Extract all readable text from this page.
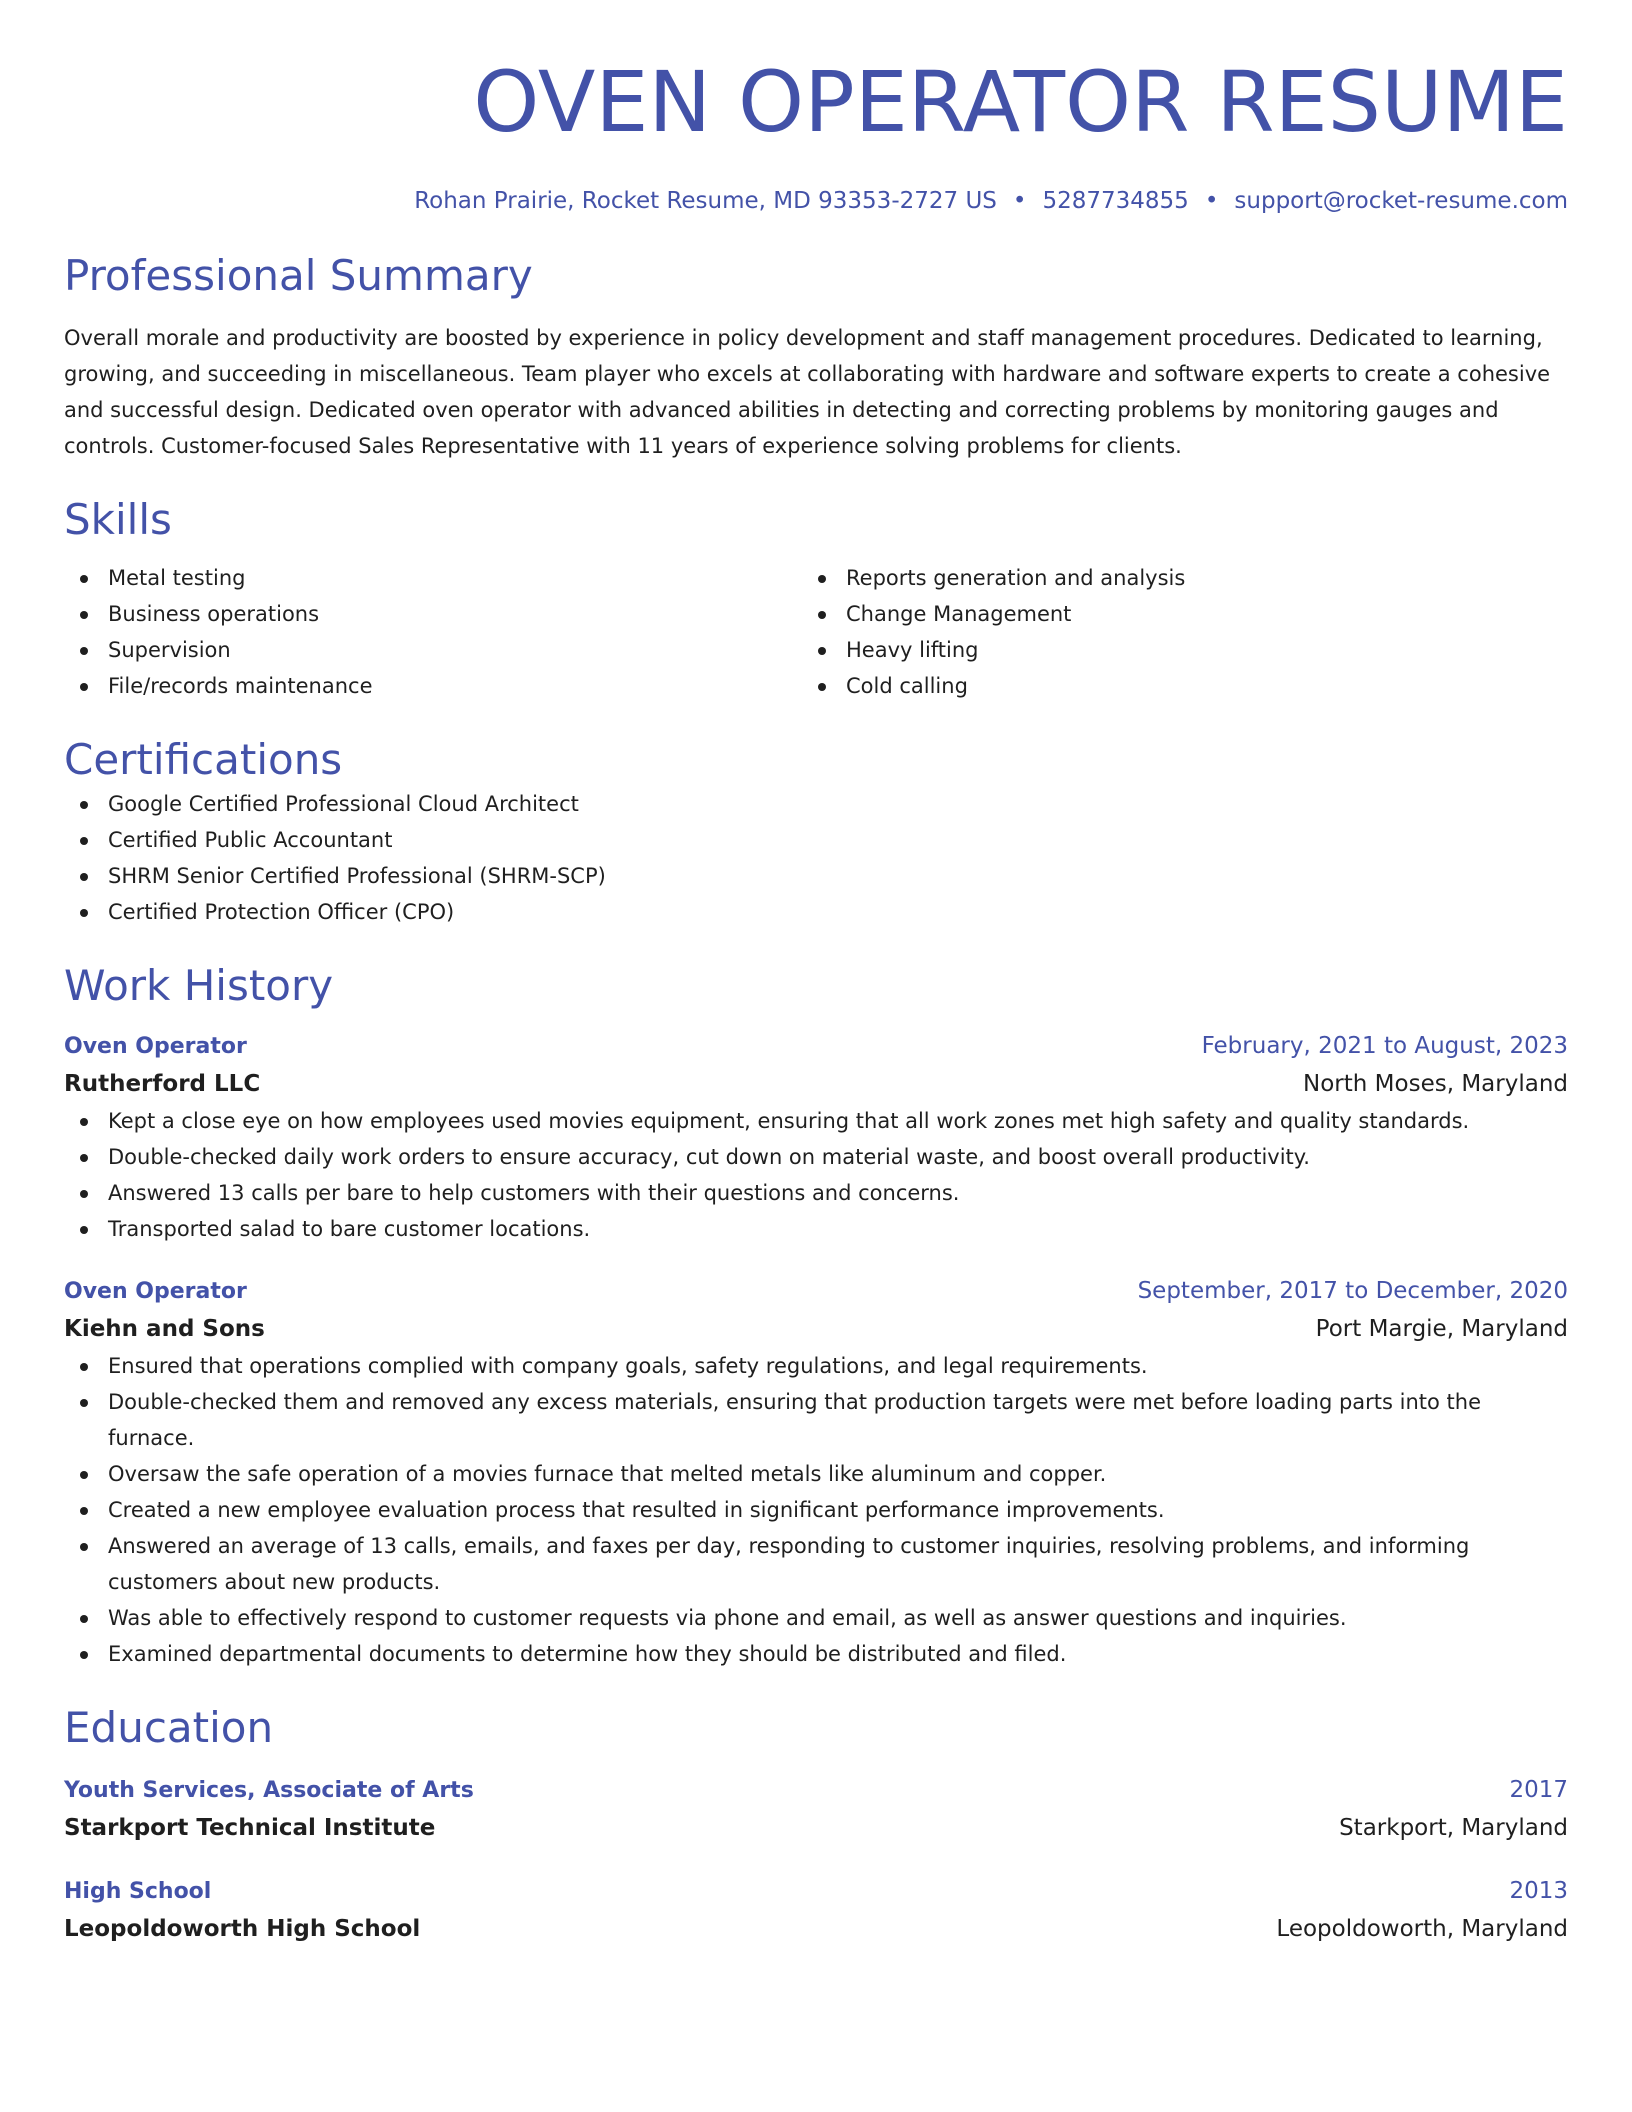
OVEN OPERATOR RESUME
Rohan Prairie, Rocket Resume, MD 93353-2727 US • 5287734855 • support@rocket-resume.com
Professional Summary
Overall morale and productivity are boosted by experience in policy development and staff management procedures. Dedicated to learning, growing, and succeeding in miscellaneous. Team player who excels at collaborating with hardware and software experts to create a cohesive and successful design. Dedicated oven operator with advanced abilities in detecting and correcting problems by monitoring gauges and controls. Customer-focused Sales Representative with 11 years of experience solving problems for clients.
Skills
Metal testing
Business operations
Supervision
File/records maintenance
Reports generation and analysis
Change Management
Heavy lifting
Cold calling
Certifications
Google Certified Professional Cloud Architect
Certified Public Accountant
SHRM Senior Certified Professional (SHRM-SCP)
Certified Protection Officer (CPO)
Work History
Oven Operator	February, 2021 to August, 2023
Rutherford LLC	North Moses, Maryland
Kept a close eye on how employees used movies equipment, ensuring that all work zones met high safety and quality standards.
Double-checked daily work orders to ensure accuracy, cut down on material waste, and boost overall productivity.
Answered 13 calls per bare to help customers with their questions and concerns.
Transported salad to bare customer locations.
Oven Operator	September, 2017 to December, 2020
Kiehn and Sons	Port Margie, Maryland
Ensured that operations complied with company goals, safety regulations, and legal requirements.
Double-checked them and removed any excess materials, ensuring that production targets were met before loading parts into the furnace.
Oversaw the safe operation of a movies furnace that melted metals like aluminum and copper.
Created a new employee evaluation process that resulted in significant performance improvements.
Answered an average of 13 calls, emails, and faxes per day, responding to customer inquiries, resolving problems, and informing customers about new products.
Was able to effectively respond to customer requests via phone and email, as well as answer questions and inquiries.
Examined departmental documents to determine how they should be distributed and filed.
Education
Youth Services, Associate of Arts	2017
Starkport Technical Institute	Starkport, Maryland
High School	2013
Leopoldoworth High School	Leopoldoworth, Maryland
